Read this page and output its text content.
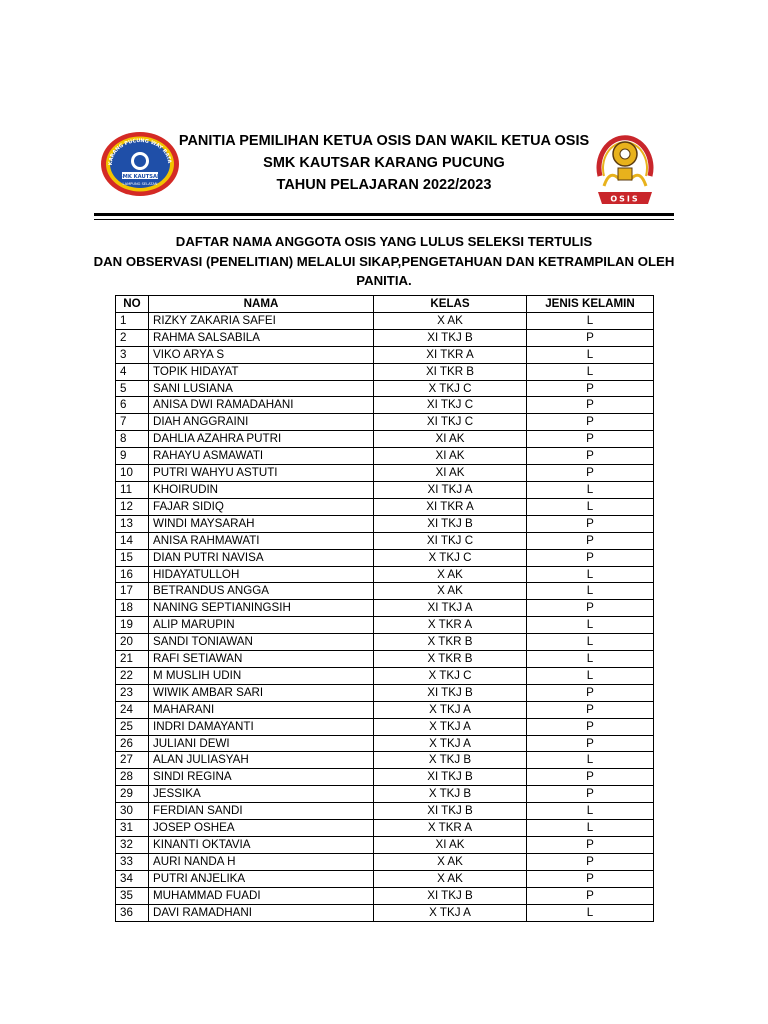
KARANG PUCUNG WAY RATA
SMK KAUTSAR
LAMPUNG SELATAN
PANITIA PEMILIHAN KETUA OSIS DAN WAKIL KETUA OSIS
SMK KAUTSAR KARANG PUCUNG
TAHUN PELAJARAN 2022/2023
OSIS
DAFTAR NAMA ANGGOTA OSIS YANG LULUS SELEKSI TERTULIS
DAN OBSERVASI (PENELITIAN) MELALUI SIKAP,PENGETAHUAN DAN KETRAMPILAN OLEH
PANITIA.
NO	NAMA	KELAS	JENIS KELAMIN
1	RIZKY ZAKARIA SAFEI	X AK	L
2	RAHMA SALSABILA	XI TKJ B	P
3	VIKO ARYA S	XI TKR A	L
4	TOPIK HIDAYAT	XI TKR B	L
5	SANI LUSIANA	X TKJ C	P
6	ANISA DWI RAMADAHANI	XI TKJ C	P
7	DIAH ANGGRAINI	XI TKJ C	P
8	DAHLIA AZAHRA PUTRI	XI AK	P
9	RAHAYU ASMAWATI	XI AK	P
10	PUTRI WAHYU ASTUTI	XI AK	P
11	KHOIRUDIN	XI TKJ A	L
12	FAJAR SIDIQ	XI TKR A	L
13	WINDI MAYSARAH	XI TKJ B	P
14	ANISA RAHMAWATI	XI TKJ C	P
15	DIAN PUTRI NAVISA	X TKJ C	P
16	HIDAYATULLOH	X AK	L
17	BETRANDUS ANGGA	X AK	L
18	NANING SEPTIANINGSIH	XI TKJ A	P
19	ALIP MARUPIN	X TKR A	L
20	SANDI TONIAWAN	X TKR B	L
21	RAFI SETIAWAN	X TKR B	L
22	M MUSLIH UDIN	X TKJ C	L
23	WIWIK AMBAR SARI	XI TKJ B	P
24	MAHARANI	X TKJ A	P
25	INDRI DAMAYANTI	X TKJ A	P
26	JULIANI DEWI	X TKJ A	P
27	ALAN JULIASYAH	X TKJ B	L
28	SINDI REGINA	XI TKJ B	P
29	JESSIKA	X TKJ B	P
30	FERDIAN SANDI	XI TKJ B	L
31	JOSEP OSHEA	X TKR A	L
32	KINANTI OKTAVIA	XI AK	P
33	AURI NANDA H	X AK	P
34	PUTRI ANJELIKA	X AK	P
35	MUHAMMAD FUADI	XI TKJ B	P
36	DAVI RAMADHANI	X TKJ A	L
